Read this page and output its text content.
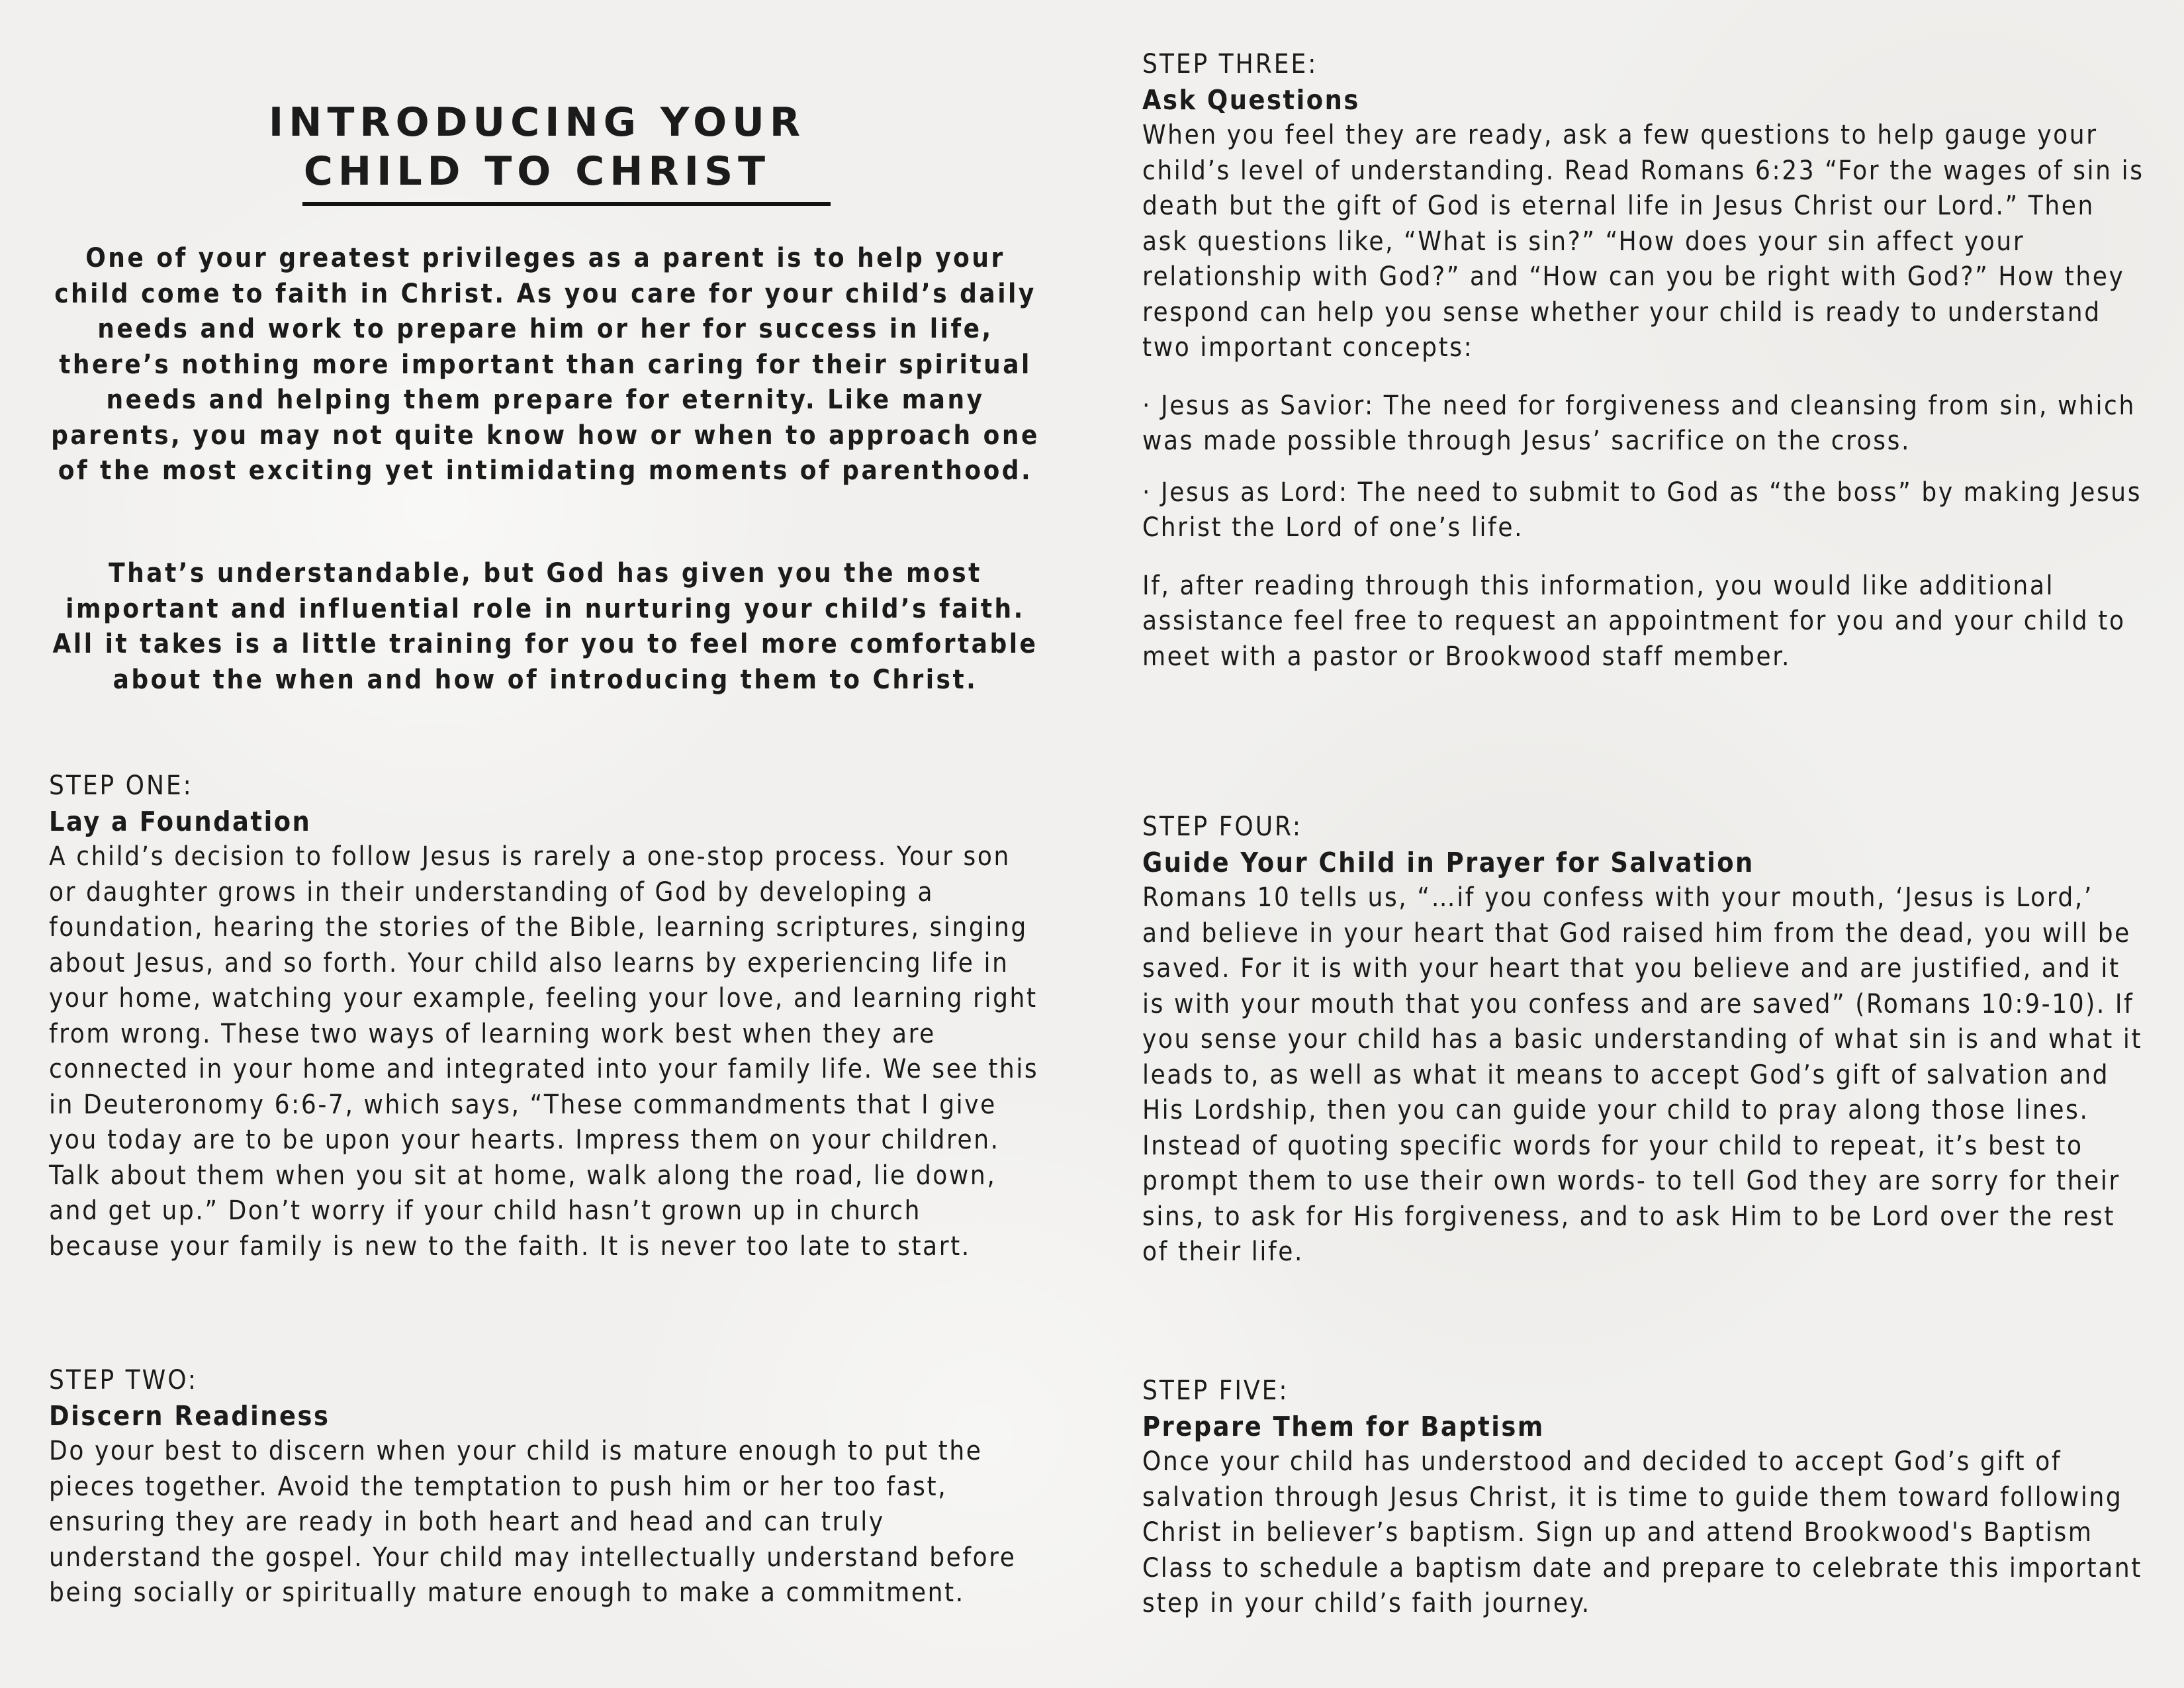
INTRODUCING YOUR
CHILD TO CHRIST

One of your greatest privileges as a parent is to help your child come to faith in Christ. As you care for your child’s daily needs and work to prepare him or her for success in life, there’s nothing more important than caring for their spiritual needs and helping them prepare for eternity. Like many parents, you may not quite know how or when to approach one of the most exciting yet intimidating moments of parenthood.

That’s understandable, but God has given you the most important and influential role in nurturing your child’s faith. All it takes is a little training for you to feel more comfortable about the when and how of introducing them to Christ.

STEP ONE:

Lay a Foundation

A child’s decision to follow Jesus is rarely a one-stop process. Your son or daughter grows in their understanding of God by developing a foundation, hearing the stories of the Bible, learning scriptures, singing about Jesus, and so forth. Your child also learns by experiencing life in your home, watching your example, feeling your love, and learning right from wrong. These two ways of learning work best when they are connected in your home and integrated into your family life. We see this in Deuteronomy 6:6-7, which says, “These commandments that I give you today are to be upon your hearts. Impress them on your children. Talk about them when you sit at home, walk along the road, lie down, and get up.” Don’t worry if your child hasn’t grown up in church because your family is new to the faith. It is never too late to start.

STEP TWO:

Discern Readiness

Do your best to discern when your child is mature enough to put the pieces together. Avoid the temptation to push him or her too fast, ensuring they are ready in both heart and head and can truly understand the gospel. Your child may intellectually understand before being socially or spiritually mature enough to make a commitment.

STEP THREE:

Ask Questions

When you feel they are ready, ask a few questions to help gauge your child’s level of understanding. Read Romans 6:23 “For the wages of sin is death but the gift of God is eternal life in Jesus Christ our Lord.” Then ask questions like, “What is sin?” “How does your sin affect your relationship with God?” and “How can you be right with God?” How they respond can help you sense whether your child is ready to understand two important concepts:

· Jesus as Savior: The need for forgiveness and cleansing from sin, which was made possible through Jesus’ sacrifice on the cross.

· Jesus as Lord: The need to submit to God as “the boss” by making Jesus Christ the Lord of one’s life.

If, after reading through this information, you would like additional assistance feel free to request an appointment for you and your child to meet with a pastor or Brookwood staff member.

STEP FOUR:

Guide Your Child in Prayer for Salvation

Romans 10 tells us, “…if you confess with your mouth, ‘Jesus is Lord,’ and believe in your heart that God raised him from the dead, you will be saved. For it is with your heart that you believe and are justified, and it is with your mouth that you confess and are saved” (Romans 10:9-10). If you sense your child has a basic understanding of what sin is and what it leads to, as well as what it means to accept God’s gift of salvation and His Lordship, then you can guide your child to pray along those lines. Instead of quoting specific words for your child to repeat, it’s best to prompt them to use their own words- to tell God they are sorry for their sins, to ask for His forgiveness, and to ask Him to be Lord over the rest of their life.

STEP FIVE:

Prepare Them for Baptism

Once your child has understood and decided to accept God’s gift of salvation through Jesus Christ, it is time to guide them toward following Christ in believer’s baptism. Sign up and attend Brookwood's Baptism Class to schedule a baptism date and prepare to celebrate this important step in your child’s faith journey.
